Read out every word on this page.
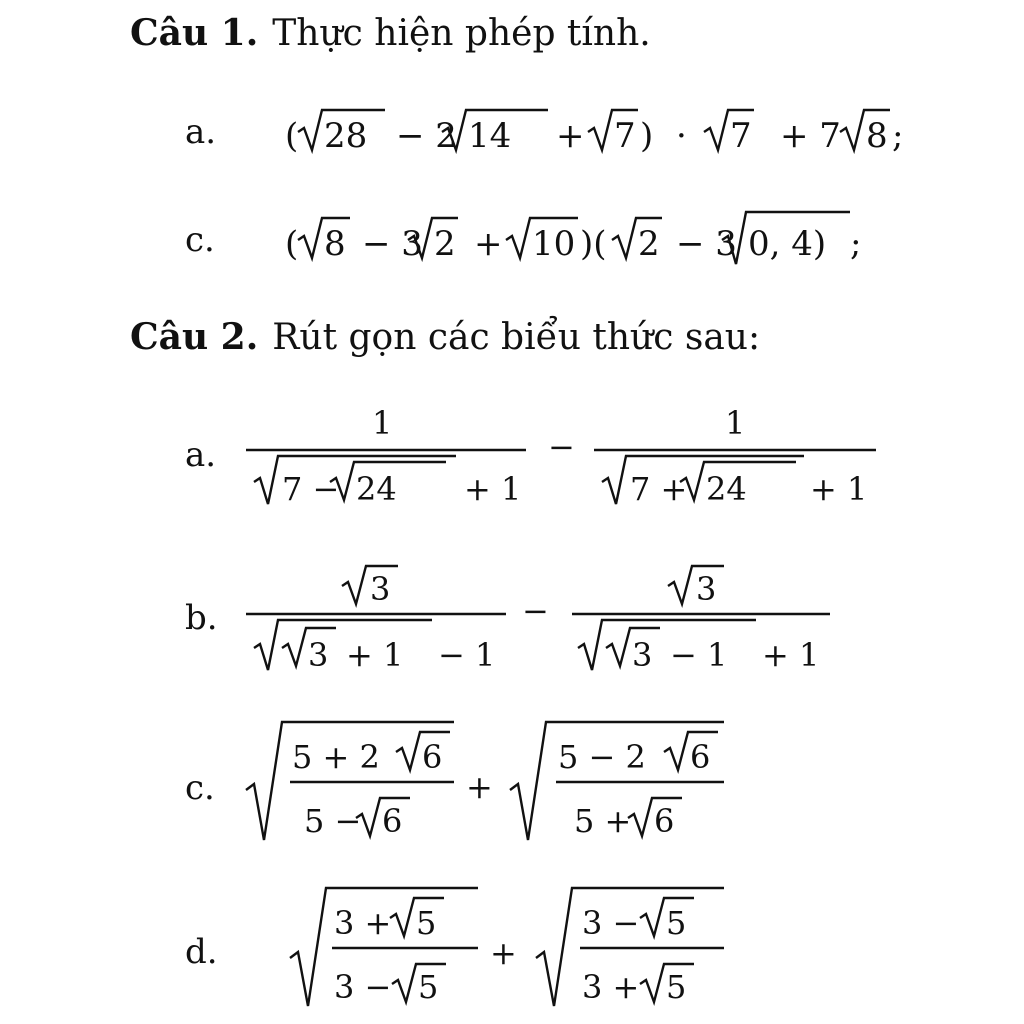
Câu 1. Thực hiện phép tính.
a.
c.
Câu 2. Rút gọn các biểu thức sau:
a.
b.
c.
d.
( 28 − 2 14 + 7 ) · 7 + 7 8 ;
( 8 − 3 2 + 10 )( 2 − 3 0, 4) ;
1
7 − 24 + 1
−
1
7 + 24 + 1
3
3 + 1 − 1
−
3
3 − 1 + 1
5 + 2 6
5 − 6
+
5 − 2 6
5 + 6
3 + 5
3 − 5
+
3 − 5
3 + 5
